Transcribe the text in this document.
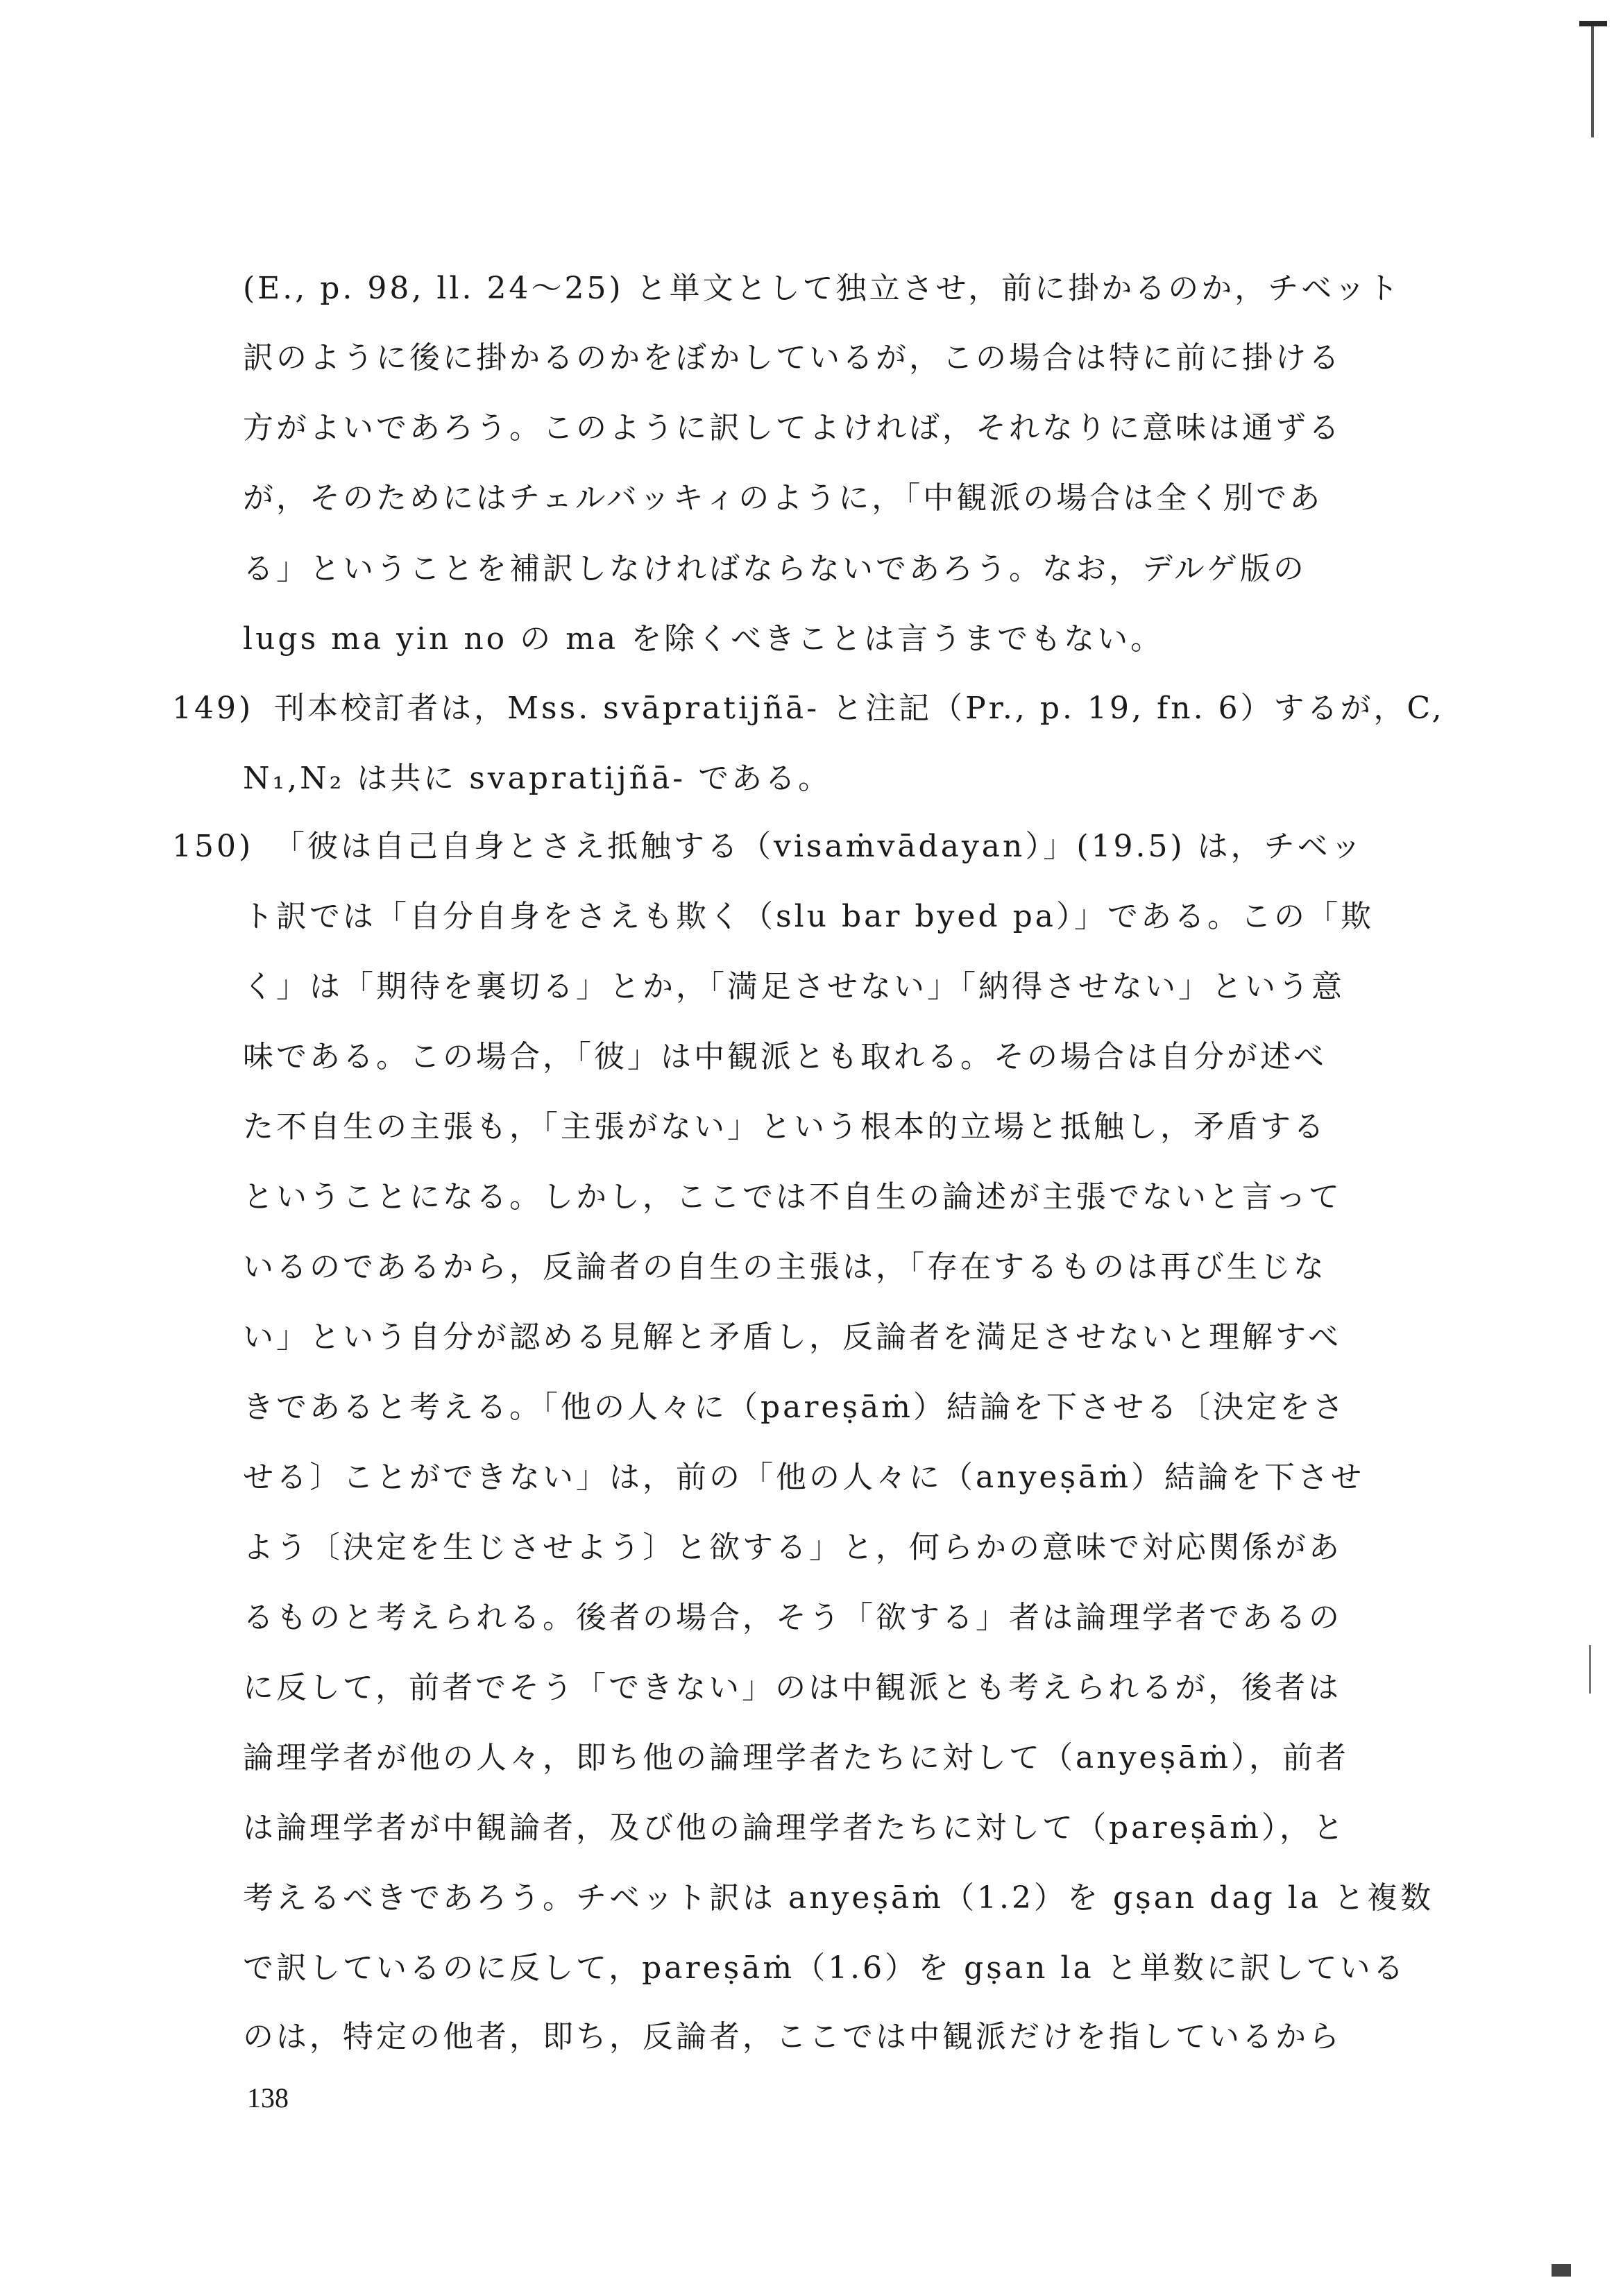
(E., p. 98, ll. 24〜25) と単文として独立させ，前に掛かるのか，チベット
訳のように後に掛かるのかをぼかしているが，この場合は特に前に掛ける
方がよいであろう。このように訳してよければ，それなりに意味は通ずる
が，そのためにはチェルバッキィのように，「中観派の場合は全く別であ
る」ということを補訳しなければならないであろう。なお，デルゲ版の
lugs ma yin no の ma を除くべきことは言うまでもない。
149) 刊本校訂者は，Mss. svāpratijñā- と注記（Pr., p. 19, fn. 6）するが，C,
N₁,N₂ は共に svapratijñā- である。
150) 「彼は自己自身とさえ抵触する（visaṁvādayan）」(19.5) は，チベッ
ト訳では「自分自身をさえも欺く（slu bar byed pa）」である。この「欺
く」は「期待を裏切る」とか，「満足させない」「納得させない」という意
味である。この場合，「彼」は中観派とも取れる。その場合は自分が述べ
た不自生の主張も，「主張がない」という根本的立場と抵触し，矛盾する
ということになる。しかし，ここでは不自生の論述が主張でないと言って
いるのであるから，反論者の自生の主張は，「存在するものは再び生じな
い」という自分が認める見解と矛盾し，反論者を満足させないと理解すべ
きであると考える。「他の人々に（pareṣāṁ）結論を下させる〔決定をさ
せる〕ことができない」は，前の「他の人々に（anyeṣāṁ）結論を下させ
よう〔決定を生じさせよう〕と欲する」と，何らかの意味で対応関係があ
るものと考えられる。後者の場合，そう「欲する」者は論理学者であるの
に反して，前者でそう「できない」のは中観派とも考えられるが，後者は
論理学者が他の人々，即ち他の論理学者たちに対して（anyeṣāṁ），前者
は論理学者が中観論者，及び他の論理学者たちに対して（pareṣāṁ），と
考えるべきであろう。チベット訳は anyeṣāṁ（1.2）を gṣan dag la と複数
で訳しているのに反して，pareṣāṁ（1.6）を gṣan la と単数に訳している
のは，特定の他者，即ち，反論者，ここでは中観派だけを指しているから
138
